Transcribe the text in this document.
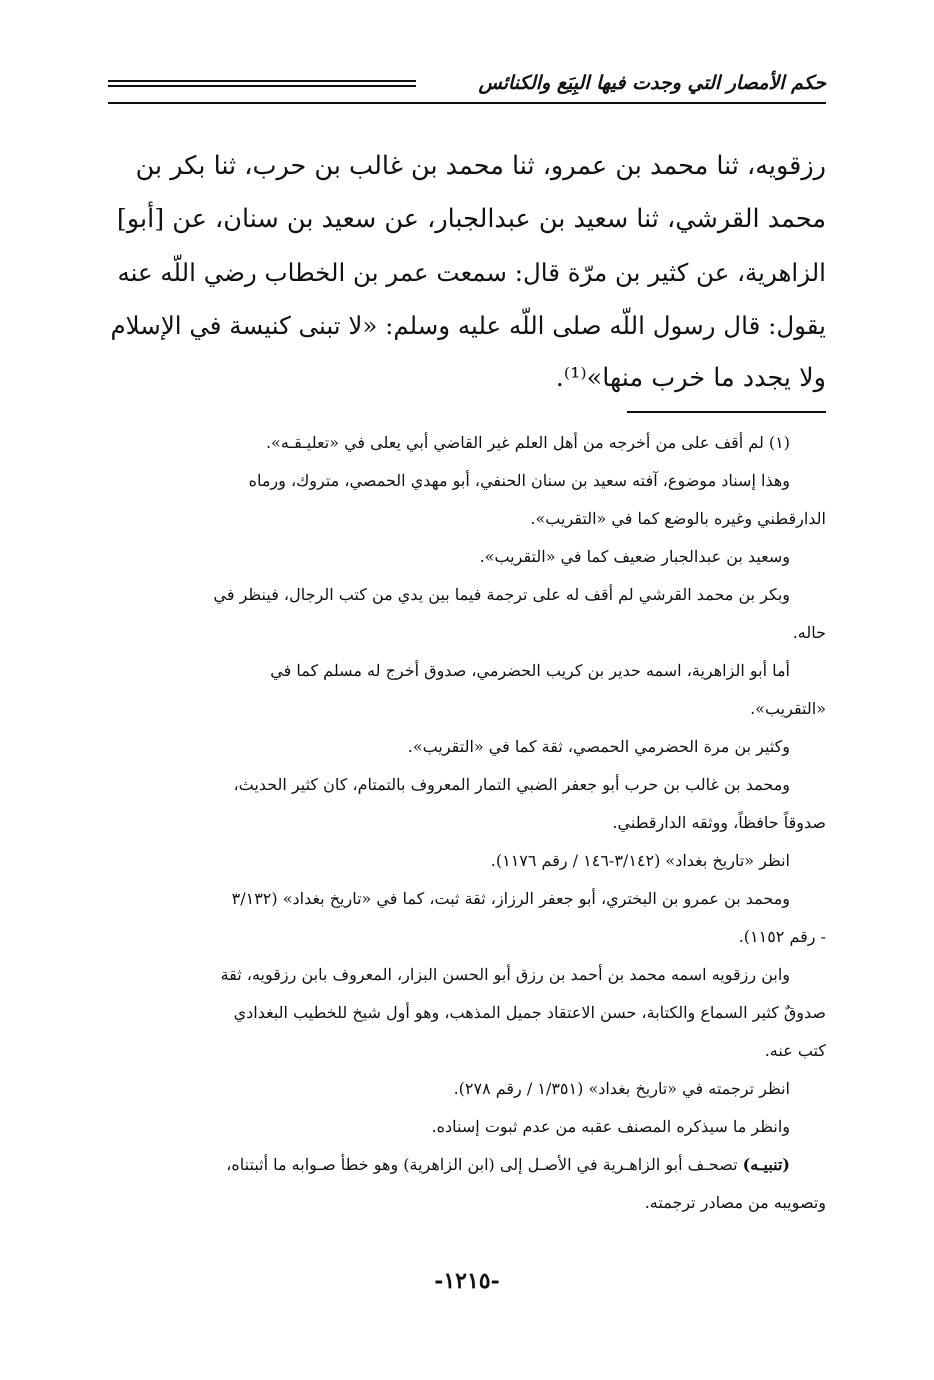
حكم الأمصار التي وجدت فيها البِيَع والكنائس

رزقويه، ثنا محمد بن عمرو، ثنا محمد بن غالب بن حرب، ثنا بكر بن

محمد القرشي، ثنا سعيد بن عبدالجبار، عن سعيد بن سنان، عن [أبو]

الزاهرية، عن كثير بن مرّة قال: سمعت عمر بن الخطاب رضي اللّه عنه

يقول: قال رسول اللّه صلى اللّه عليه وسلم: «لا تبنى كنيسة في الإسلام

ولا يجدد ما خرب منها»⁽¹⁾.

(١) لم أقف على من أخرجه من أهل العلم غير القاضي أبي يعلى في «تعليـقـه».

وهذا إسناد موضوع، آفته سعيد بن سنان الحنفي، أبو مهدي الحمصي، متروك، ورماه

الدارقطني وغيره بالوضع كما في «التقريب».

وسعيد بن عبدالجبار ضعيف كما في «التقريب».

وبكر بن محمد القرشي لم أقف له على ترجمة فيما بين يدي من كتب الرجال، فينظر في

حاله.

أما أبو الزاهرية، اسمه حدير بن كريب الحضرمي، صدوق أخرج له مسلم كما في

«التقريب».

وكثير بن مرة الحضرمي الحمصي، ثقة كما في «التقريب».

ومحمد بن غالب بن حرب أبو جعفر الضبي التمار المعروف بالتمتام، كان كثير الحديث،

صدوقاً حافظاً، ووثقه الدارقطني.

انظر «تاريخ بغداد» (٣/١٤٢-١٤٦ / رقم ١١٧٦).

ومحمد بن عمرو بن البختري، أبو جعفر الرزاز، ثقة ثبت، كما في «تاريخ بغداد» (٣/١٣٢

- رقم ١١٥٢).

وابن رزقويه اسمه محمد بن أحمد بن رزق أبو الحسن البزار، المعروف بابن رزقويه، ثقة

صدوقٌ كثير السماع والكتابة، حسن الاعتقاد جميل المذهب، وهو أول شيخ للخطيب البغدادي

كتب عنه.

انظر ترجمته في «تاريخ بغداد» (١/٣٥١ / رقم ٢٧٨).

وانظر ما سيذكره المصنف عقبه من عدم ثبوت إسناده.

(تنبيـه) تصحـف أبو الزاهـرية في الأصـل إلى (ابن الزاهرية) وهو خطأ صـوابه ما أثبتناه،

وتصويبه من مصادر ترجمته.

-١٢١٥-
